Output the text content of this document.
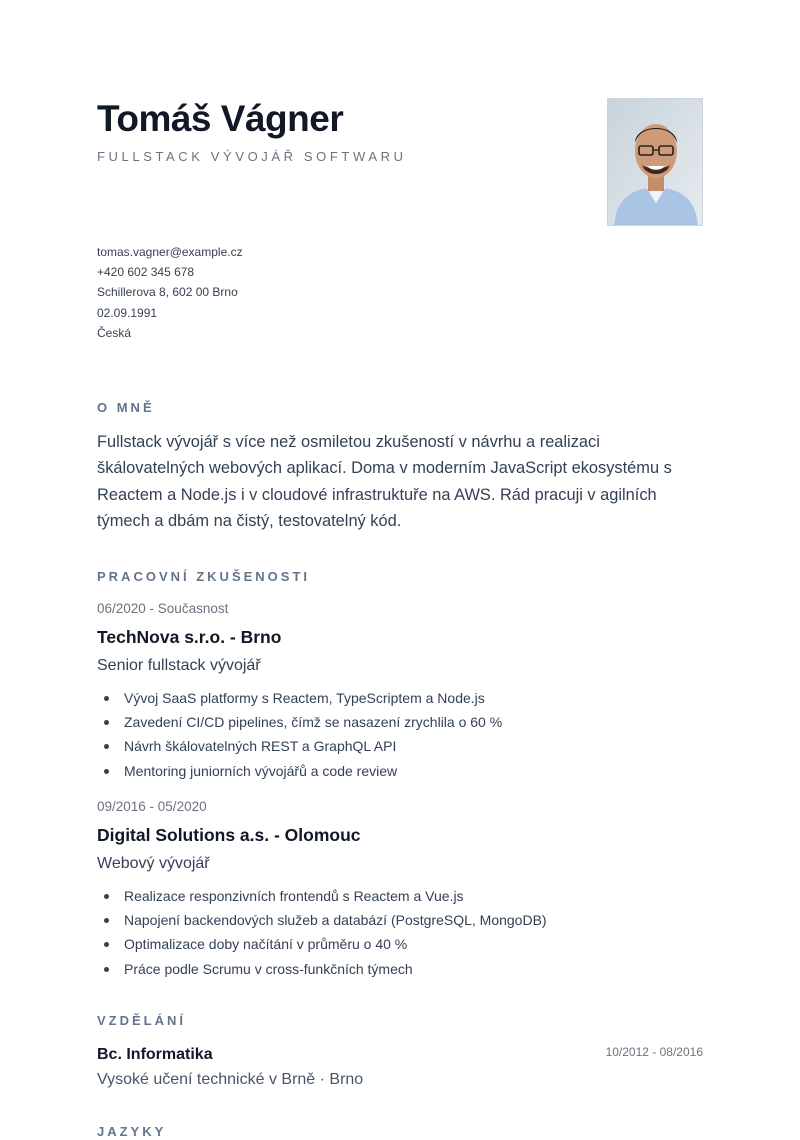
Tomáš Vágner
FULLSTACK VÝVOJÁŘ SOFTWARU
tomas.vagner@example.cz
+420 602 345 678
Schillerova 8, 602 00 Brno
02.09.1991
Česká
O MNĚ
Fullstack vývojář s více než osmiletou zkušeností v návrhu a realizaci škálovatelných webových aplikací. Doma v moderním JavaScript ekosystému s Reactem a Node.js i v cloudové infrastruktuře na AWS. Rád pracuji v agilních týmech a dbám na čistý, testovatelný kód.
PRACOVNÍ ZKUŠENOSTI
06/2020 - Současnost
TechNova s.r.o. - Brno
Senior fullstack vývojář
Vývoj SaaS platformy s Reactem, TypeScriptem a Node.js
Zavedení CI/CD pipelines, čímž se nasazení zrychlila o 60 %
Návrh škálovatelných REST a GraphQL API
Mentoring juniorních vývojářů a code review
09/2016 - 05/2020
Digital Solutions a.s. - Olomouc
Webový vývojář
Realizace responzivních frontendů s Reactem a Vue.js
Napojení backendových služeb a databází (PostgreSQL, MongoDB)
Optimalizace doby načítání v průměru o 40 %
Práce podle Scrumu v cross-funkčních týmech
VZDĚLÁNÍ
Bc. Informatika	10/2012 - 08/2016
Vysoké učení technické v Brně · Brno
JAZYKY
